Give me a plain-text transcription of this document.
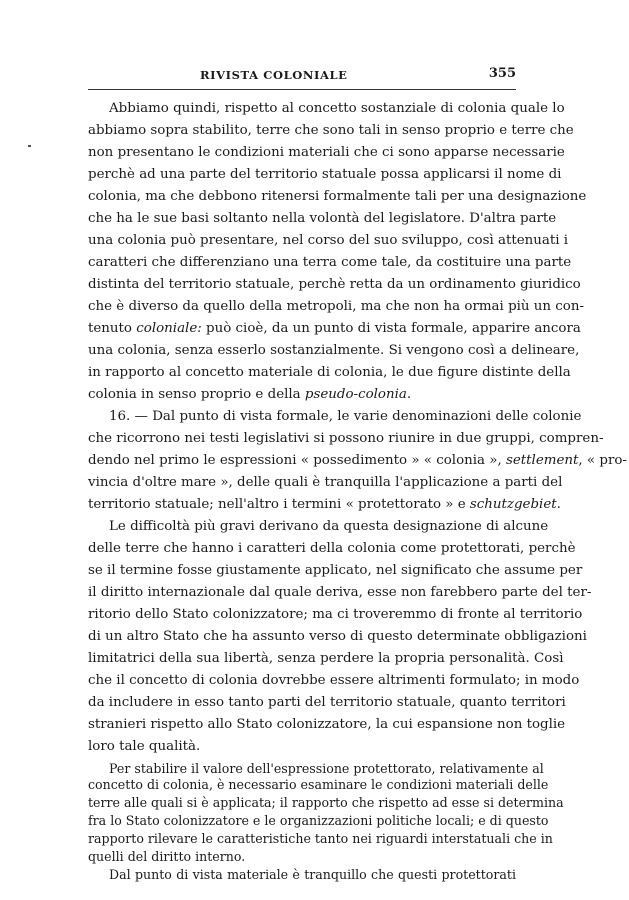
RIVISTA COLONIALE	355
Abbiamo quindi, rispetto al concetto sostanziale di colonia quale lo
abbiamo sopra stabilito, terre che sono tali in senso proprio e terre che
non presentano le condizioni materiali che ci sono apparse necessarie
perchè ad una parte del territorio statuale possa applicarsi il nome di
colonia, ma che debbono ritenersi formalmente tali per una designazione
che ha le sue basi soltanto nella volontà del legislatore. D'altra parte
una colonia può presentare, nel corso del suo sviluppo, così attenuati i
caratteri che differenziano una terra come tale, da costituire una parte
distinta del territorio statuale, perchè retta da un ordinamento giuridico
che è diverso da quello della metropoli, ma che non ha ormai più un con-
tenuto coloniale: può cioè, da un punto di vista formale, apparire ancora
una colonia, senza esserlo sostanzialmente. Si vengono così a delineare,
in rapporto al concetto materiale di colonia, le due figure distinte della
colonia in senso proprio e della pseudo-colonia.
16. — Dal punto di vista formale, le varie denominazioni delle colonie
che ricorrono nei testi legislativi si possono riunire in due gruppi, compren-
dendo nel primo le espressioni « possedimento » « colonia », settlement, « pro-
vincia d'oltre mare », delle quali è tranquilla l'applicazione a parti del
territorio statuale; nell'altro i termini « protettorato » e schutzgebiet.
Le difficoltà più gravi derivano da questa designazione di alcune
delle terre che hanno i caratteri della colonia come protettorati, perchè
se il termine fosse giustamente applicato, nel significato che assume per
il diritto internazionale dal quale deriva, esse non farebbero parte del ter-
ritorio dello Stato colonizzatore; ma ci troveremmo di fronte al territorio
di un altro Stato che ha assunto verso di questo determinate obbligazioni
limitatrici della sua libertà, senza perdere la propria personalità. Così
che il concetto di colonia dovrebbe essere altrimenti formulato; in modo
da includere in esso tanto parti del territorio statuale, quanto territori
stranieri rispetto allo Stato colonizzatore, la cui espansione non toglie
loro tale qualità.
Per stabilire il valore dell'espressione protettorato, relativamente al
concetto di colonia, è necessario esaminare le condizioni materiali delle
terre alle quali si è applicata; il rapporto che rispetto ad esse si determina
fra lo Stato colonizzatore e le organizzazioni politiche locali; e di questo
rapporto rilevare le caratteristiche tanto nei riguardi interstatuali che in
quelli del diritto interno.
Dal punto di vista materiale è tranquillo che questi protettorati
